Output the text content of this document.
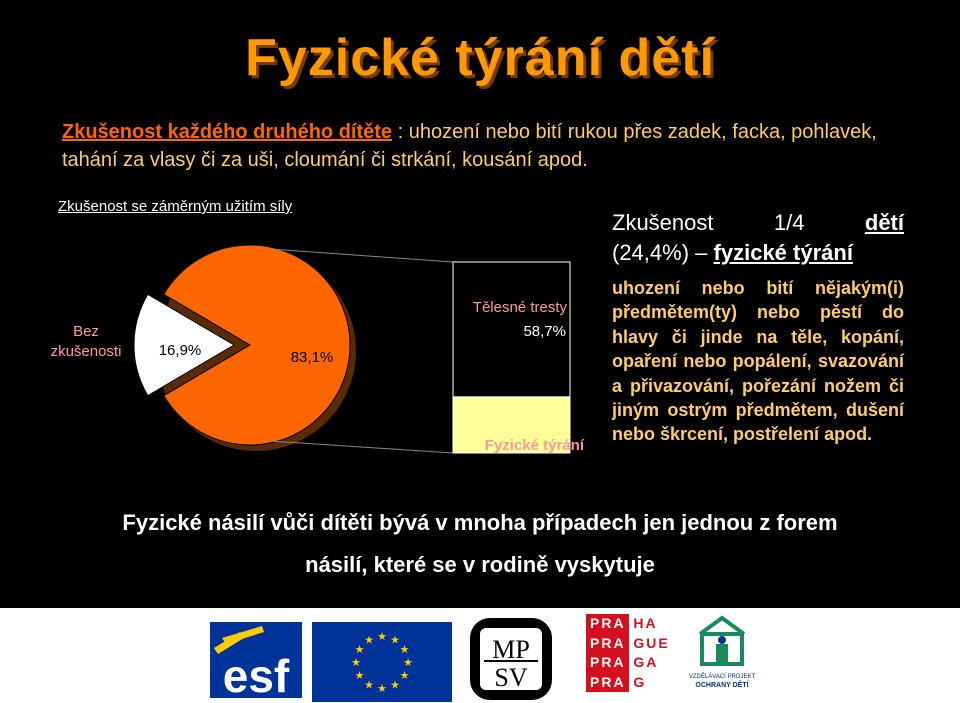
Fyzické týrání dětí
Zkušenost každého druhého dítěte : uhození nebo bití rukou přes zadek, facka, pohlavek, tahání za vlasy či za uši, cloumání či strkání, kousání apod.
Zkušenost se záměrným užitím síly
Bez
zkušenosti 16,9%	83,1%
Tělesné tresty
58,7%
24,4%
Fyzické týrání
Zkušenost	1/4	dětí
(24,4%) – fyzické týrání
uhození nebo bití nějakým(i) předmětem(ty) nebo pěstí do hlavy či jinde na těle, kopání, opaření nebo popálení, svazování a přivazování, pořezání nožem či jiným ostrým předmětem, dušení nebo škrcení, postřelení apod.
Fyzické násilí vůči dítěti bývá v mnoha případech jen jednou z forem
násilí, které se v rodině vyskytuje
esf	★
★
★
★
★
★
★
★
★ ★ ★
★	MP
SV	VZDĚLÁVACÍ PROJEKT
OCHRANY DĚTÍ
PRA HA
PRA GUE
PRA GA
PRA G
